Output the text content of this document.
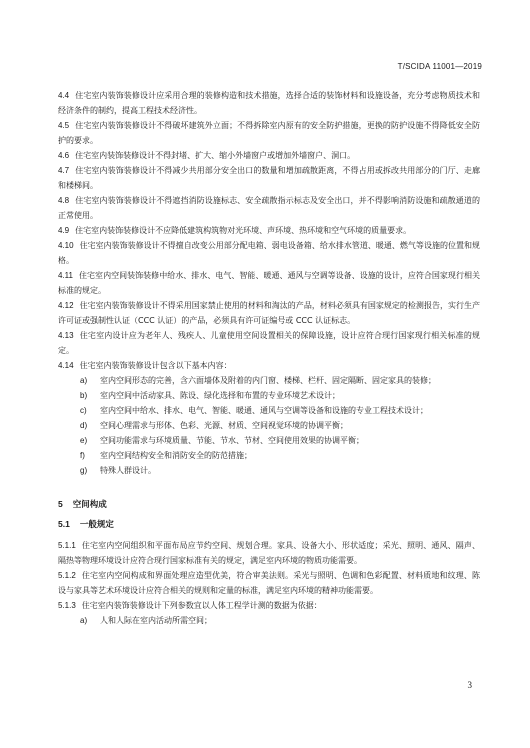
T/SCIDA 11001—2019

4.4 住宅室内装饰装修设计应采用合理的装修构造和技术措施，选择合适的装饰材料和设施设备，充分考虑物质技术和经济条件的制约，提高工程技术经济性。

4.5 住宅室内装饰装修设计不得破坏建筑外立面；不得拆除室内原有的安全防护措施，更换的防护设施不得降低安全防护的要求。

4.6 住宅室内装饰装修设计不得封堵、扩大、缩小外墙窗户或增加外墙窗户、洞口。

4.7 住宅室内装饰装修设计不得减少共用部分安全出口的数量和增加疏散距离，不得占用或拆改共用部分的门厅、走廊和楼梯间。

4.8 住宅室内装饰装修设计不得遮挡消防设施标志、安全疏散指示标志及安全出口，并不得影响消防设施和疏散通道的正常使用。

4.9 住宅室内装饰装修设计不应降低建筑构筑物对光环境、声环境、热环境和空气环境的质量要求。

4.10 住宅室内装饰装修设计不得擅自改变公用部分配电箱、弱电设备箱、给水排水管道、暖通、燃气等设施的位置和规格。

4.11 住宅室内空间装饰装修中给水、排水、电气、智能、暖通、通风与空调等设备、设施的设计，应符合国家现行相关标准的规定。

4.12 住宅室内装饰装修设计不得采用国家禁止使用的材料和淘汰的产品，材料必须具有国家规定的检测报告，实行生产许可证或强制性认证（CCC 认证）的产品，必须具有许可证编号或 CCC 认证标志。

4.13 住宅室内设计应为老年人、残疾人、儿童使用空间设置相关的保障设施，设计应符合现行国家现行相关标准的规定。

4.14 住宅室内装饰装修设计包含以下基本内容：

a) 室内空间形态的完善，含六面墙体及附着的内门窗、楼梯、栏杆、固定隔断、固定家具的装修；

b) 室内空间中活动家具、陈设、绿化选择和布置的专业环境艺术设计；

c) 室内空间中给水、排水、电气、智能、暖通、通风与空调等设备和设施的专业工程技术设计；

d) 空间心理需求与形体、色彩、光源、材质、空间视觉环境的协调平衡；

e) 空间功能需求与环境质量、节能、节水、节材、空间使用效果的协调平衡；

f) 室内空间结构安全和消防安全的防范措施；

g) 特殊人群设计。

5 空间构成
5.1 一般规定

5.1.1 住宅室内空间组织和平面布局应节约空间、规划合理。家具、设备大小、形状适度；采光、照明、通风、隔声、隔热等物理环境设计应符合现行国家标准有关的规定，满足室内环境的物质功能需要。

5.1.2 住宅室内空间构成和界面处理应造型优美，符合审美法则。采光与照明、色调和色彩配置、材料质地和纹理、陈设与家具等艺术环境设计应符合相关的规则和定量的标准，满足室内环境的精神功能需要。

5.1.3 住宅室内装饰装修设计下列参数宜以人体工程学计测的数据为依据：

a) 人和人际在室内活动所需空间；

3
